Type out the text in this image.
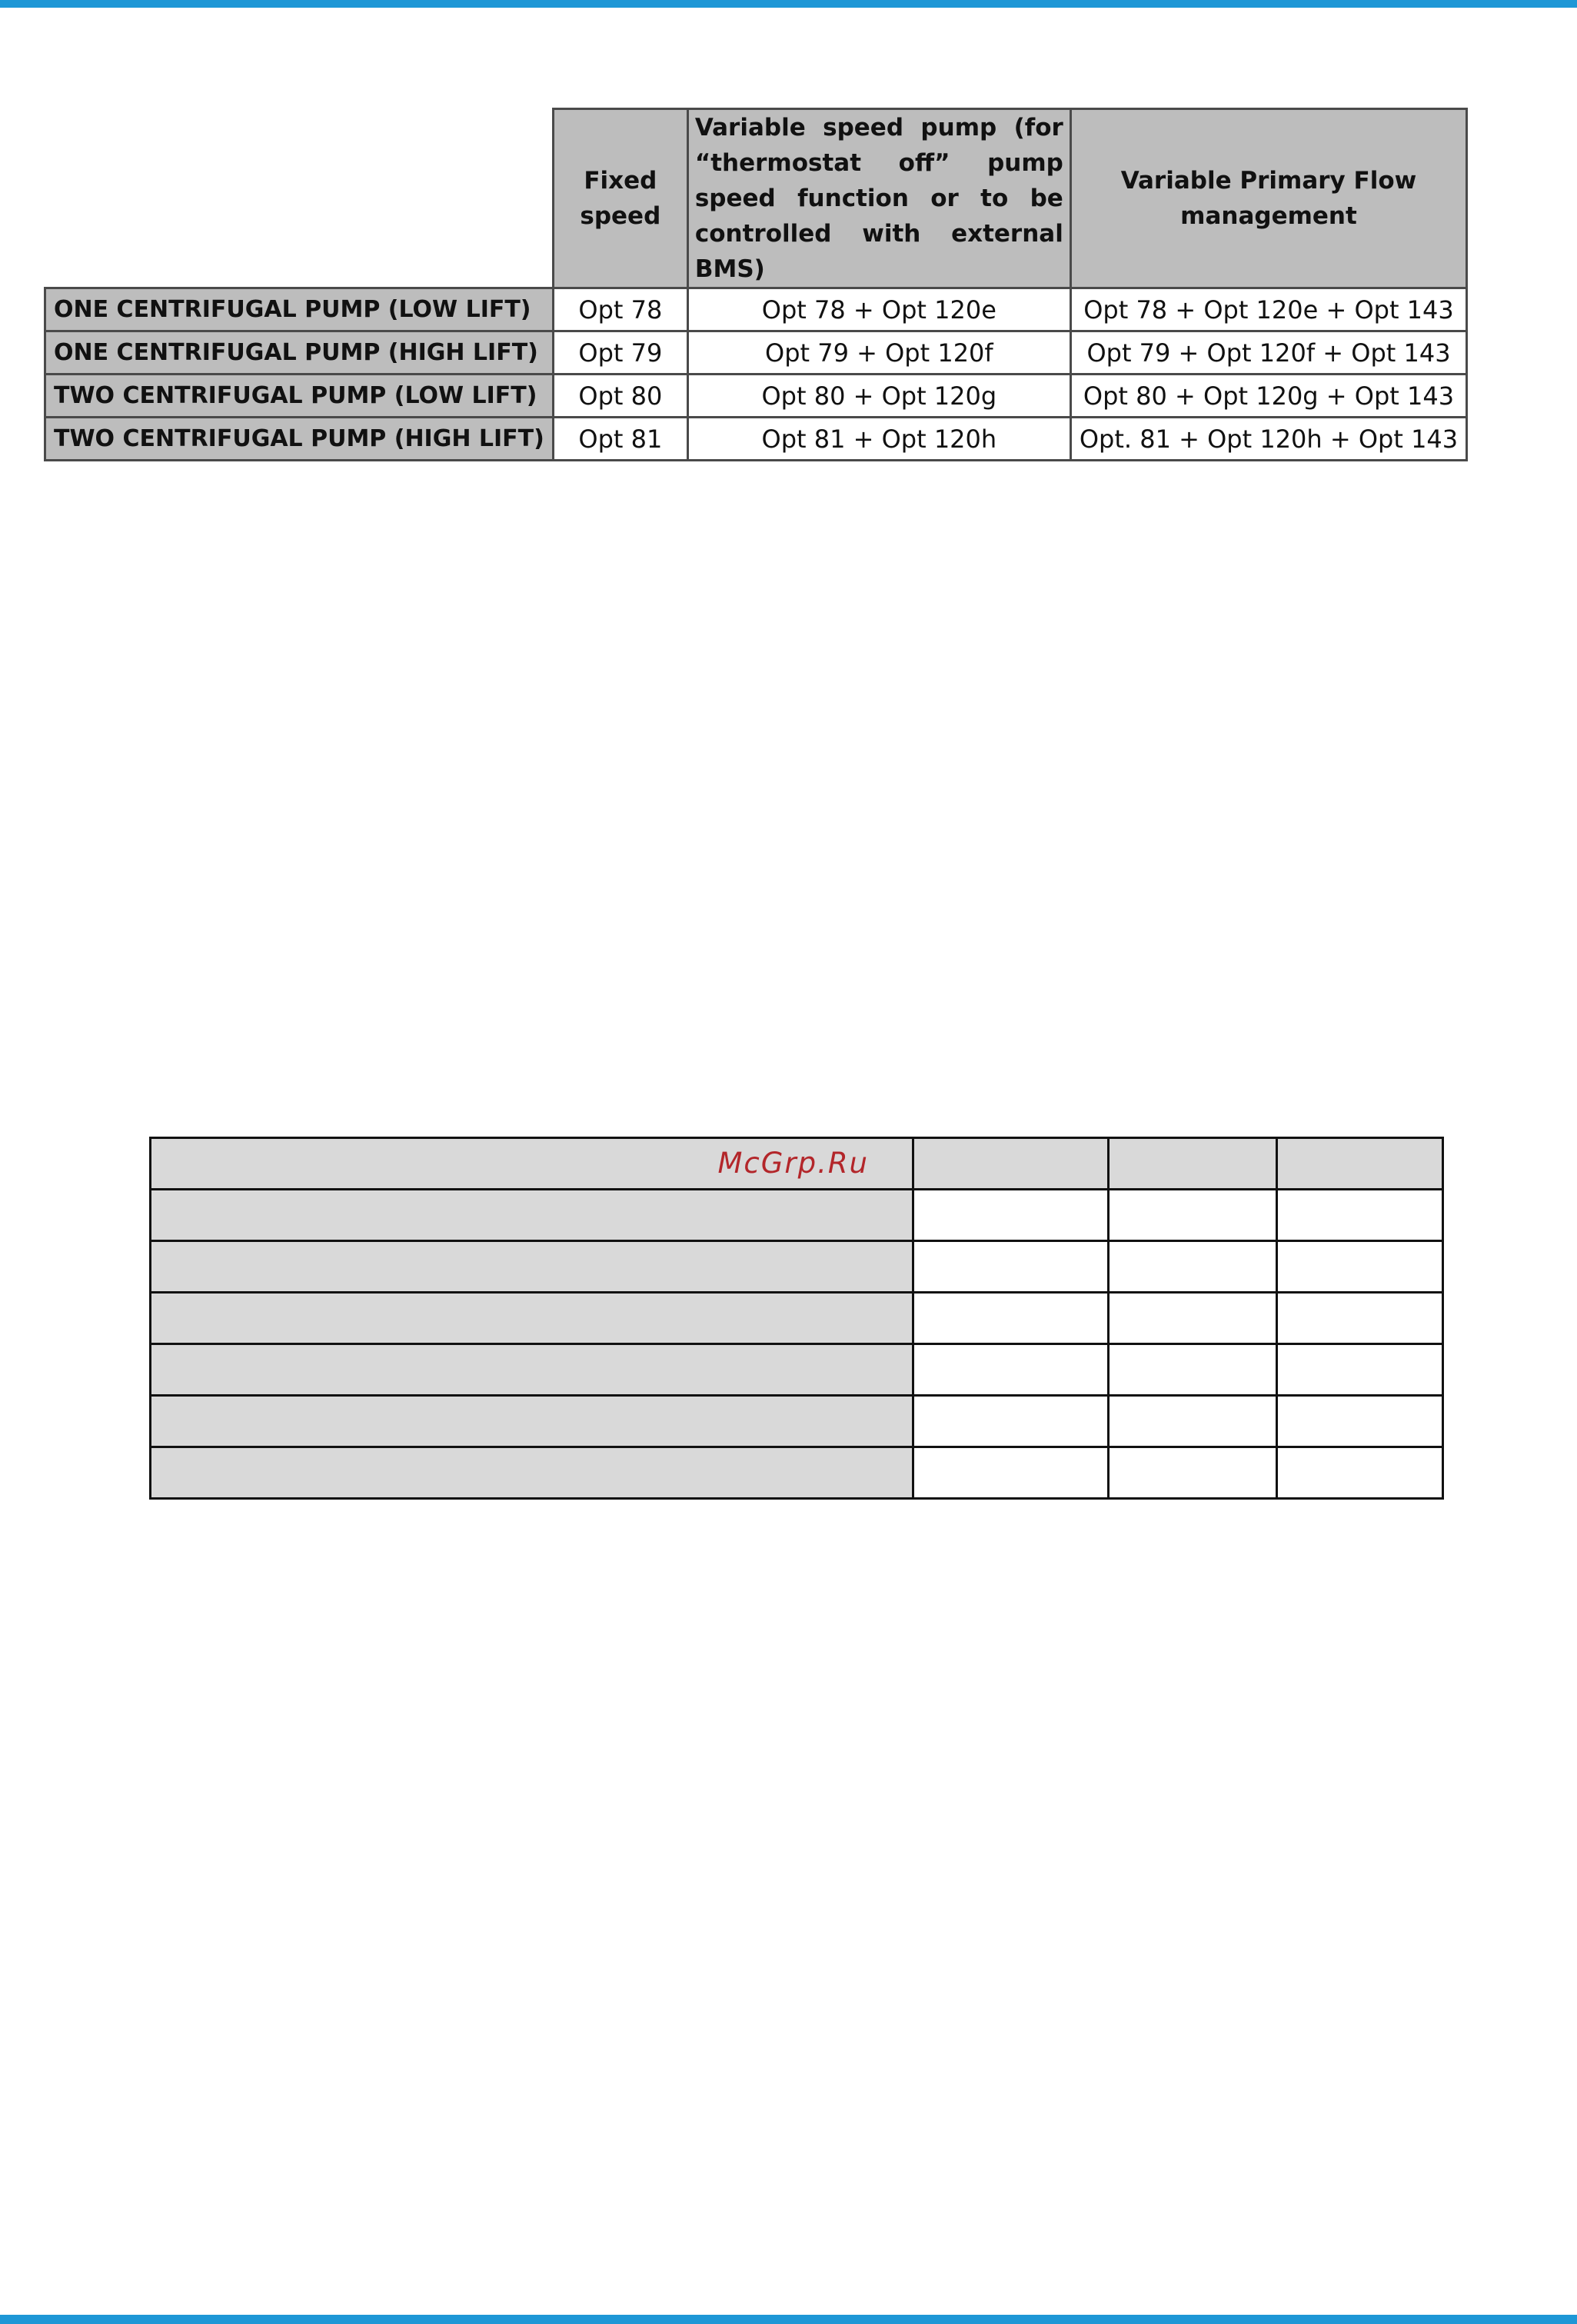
	Fixed speed	Variable speed pump (for “thermostat off” pump speed function or to be controlled with external BMS)	Variable Primary Flow management
ONE CENTRIFUGAL PUMP (LOW LIFT)	Opt 78	Opt 78 + Opt 120e	Opt 78 + Opt 120e + Opt 143
ONE CENTRIFUGAL PUMP (HIGH LIFT)	Opt 79	Opt 79 + Opt 120f	Opt 79 + Opt 120f + Opt 143
TWO CENTRIFUGAL PUMP (LOW LIFT)	Opt 80	Opt 80 + Opt 120g	Opt 80 + Opt 120g + Opt 143
TWO CENTRIFUGAL PUMP (HIGH LIFT)	Opt 81	Opt 81 + Opt 120h	Opt. 81 + Opt 120h + Opt 143
McGrp.Ru			
